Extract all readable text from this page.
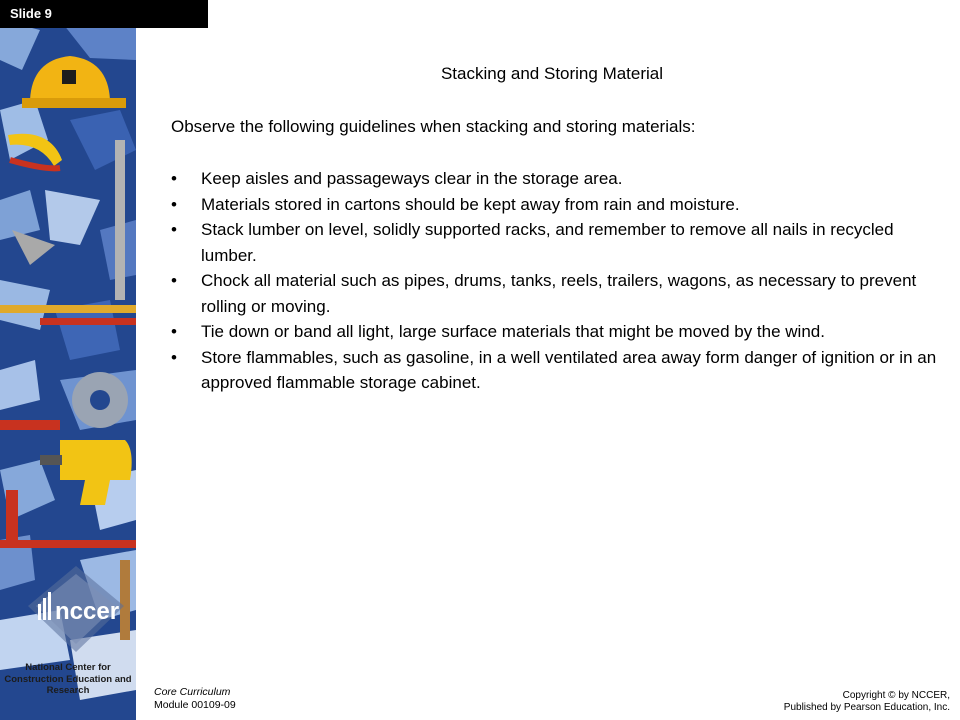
Slide 9
nccer
National Center for Construction Education and Research
Stacking and Storing Material
Observe the following guidelines when stacking and storing materials:
• Keep aisles and passageways clear in the storage area.
• Materials stored in cartons should be kept away from rain and moisture.
• Stack lumber on level, solidly supported racks, and remember to remove all nails in recycled lumber.
• Chock all material such as pipes, drums, tanks, reels, trailers, wagons, as necessary to prevent rolling or moving.
• Tie down or band all light, large surface materials that might be moved by the wind.
• Store flammables, such as gasoline, in a well ventilated area away form danger of ignition or in an approved flammable storage cabinet.
Core Curriculum
Module 00109-09
Copyright © by NCCER,
Published by Pearson Education, Inc.
